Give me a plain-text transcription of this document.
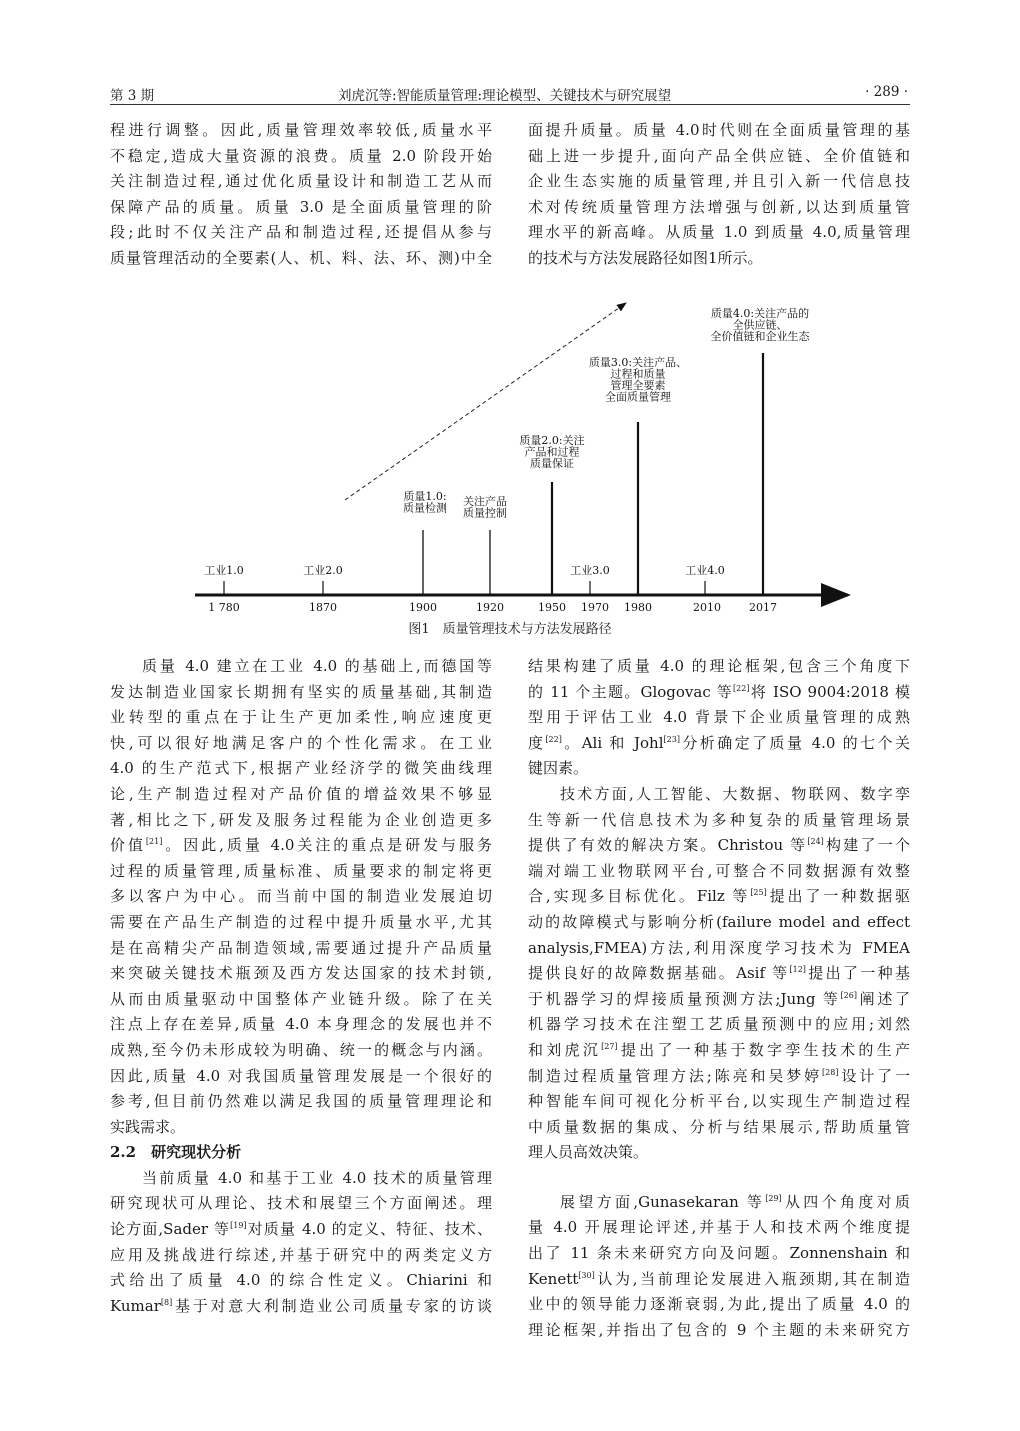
第 3 期	刘虎沉等:智能质量管理:理论模型、关键技术与研究展望	· 289 ·
程进行调整。因此,质量管理效率较低,质量水平
不稳定,造成大量资源的浪费。质量 2.0 阶段开始
关注制造过程,通过优化质量设计和制造工艺从而
保障产品的质量。质量 3.0 是全面质量管理的阶
段;此时不仅关注产品和制造过程,还提倡从参与
质量管理活动的全要素(人、机、料、法、环、测)中全
面提升质量。质量 4.0时代则在全面质量管理的基
础上进一步提升,面向产品全供应链、全价值链和
企业生态实施的质量管理,并且引入新一代信息技
术对传统质量管理方法增强与创新,以达到质量管
理水平的新高峰。从质量 1.0 到质量 4.0,质量管理
的技术与方法发展路径如图1所示。
1 780	1870	1900	1920	1950 1970 1980	2010	2017
工业1.0	工业2.0	工业3.0	工业4.0
质量1.0:
质量检测 关注产品
质量控制
质量2.0:关注
产品和过程
质量保证
质量3.0:关注产品、
过程和质量
管理全要素
全面质量管理
质量4.0:关注产品的
全供应链、
全价值链和企业生态
图1　质量管理技术与方法发展路径
质量 4.0 建立在工业 4.0 的基础上,而德国等
发达制造业国家长期拥有坚实的质量基础,其制造
业转型的重点在于让生产更加柔性,响应速度更
快,可以很好地满足客户的个性化需求。在工业
4.0 的生产范式下,根据产业经济学的微笑曲线理
论,生产制造过程对产品价值的增益效果不够显
著,相比之下,研发及服务过程能为企业创造更多
价值[21]。因此,质量 4.0关注的重点是研发与服务
过程的质量管理,质量标准、质量要求的制定将更
多以客户为中心。而当前中国的制造业发展迫切
需要在产品生产制造的过程中提升质量水平,尤其
是在高精尖产品制造领域,需要通过提升产品质量
来突破关键技术瓶颈及西方发达国家的技术封锁,
从而由质量驱动中国整体产业链升级。除了在关
注点上存在差异,质量 4.0 本身理念的发展也并不
成熟,至今仍未形成较为明确、统一的概念与内涵。
因此,质量 4.0 对我国质量管理发展是一个很好的
参考,但目前仍然难以满足我国的质量管理理论和
实践需求。
2.2　研究现状分析
当前质量 4.0 和基于工业 4.0 技术的质量管理
研究现状可从理论、技术和展望三个方面阐述。理
论方面,Sader 等[19]对质量 4.0 的定义、特征、技术、
应用及挑战进行综述,并基于研究中的两类定义方
式给出了质量 4.0 的综合性定义。Chiarini 和
Kumar[8]基于对意大利制造业公司质量专家的访谈
结果构建了质量 4.0 的理论框架,包含三个角度下
的 11 个主题。Glogovac 等[22]将 ISO 9004:2018 模
型用于评估工业 4.0 背景下企业质量管理的成熟
度[22]。Ali 和 Johl[23]分析确定了质量 4.0 的七个关
键因素。
技术方面,人工智能、大数据、物联网、数字孪
生等新一代信息技术为多种复杂的质量管理场景
提供了有效的解决方案。Christou 等[24]构建了一个
端对端工业物联网平台,可整合不同数据源有效整
合,实现多目标优化。Filz 等[25]提出了一种数据驱
动的故障模式与影响分析(failure model and effect
analysis,FMEA)方法,利用深度学习技术为 FMEA
提供良好的故障数据基础。Asif 等[12]提出了一种基
于机器学习的焊接质量预测方法;Jung 等[26]阐述了
机器学习技术在注塑工艺质量预测中的应用;刘然
和刘虎沉[27]提出了一种基于数字孪生技术的生产
制造过程质量管理方法;陈亮和吴梦婷[28]设计了一
种智能车间可视化分析平台,以实现生产制造过程
中质量数据的集成、分析与结果展示,帮助质量管
理人员高效决策。
展望方面,Gunasekaran 等[29]从四个角度对质
量 4.0 开展理论评述,并基于人和技术两个维度提
出了 11 条未来研究方向及问题。Zonnenshain 和
Kenett[30]认为,当前理论发展进入瓶颈期,其在制造
业中的领导能力逐渐衰弱,为此,提出了质量 4.0 的
理论框架,并指出了包含的 9 个主题的未来研究方
